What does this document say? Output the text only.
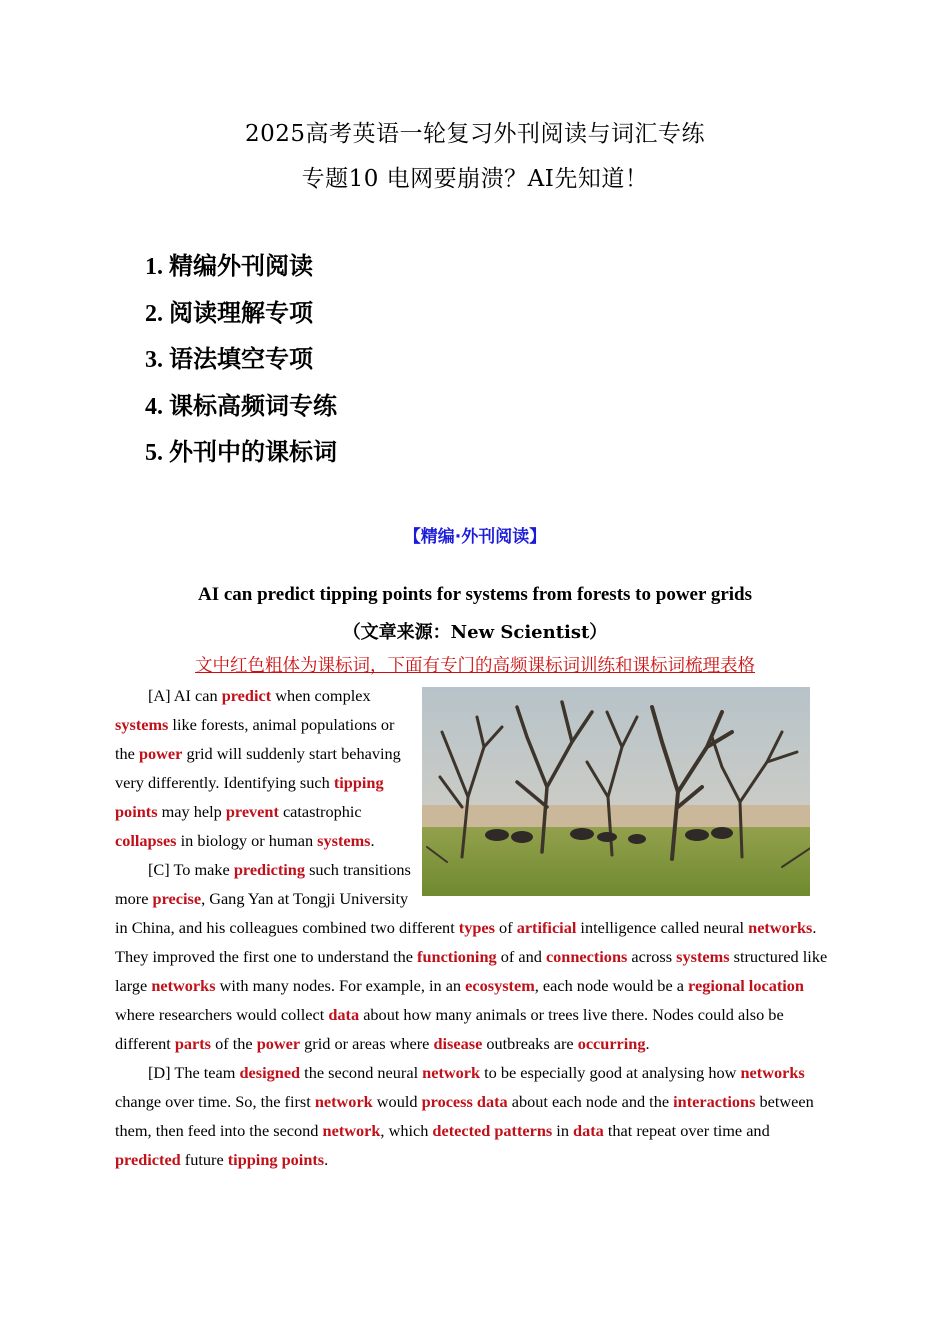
2025高考英语一轮复习外刊阅读与词汇专练
专题10 电网要崩溃？AI先知道！
1. 精编外刊阅读
2. 阅读理解专项
3. 语法填空专项
4. 课标高频词专练
5. 外刊中的课标词
【精编·外刊阅读】
AI can predict tipping points for systems from forests to power grids
（文章来源：New Scientist）
文中红色粗体为课标词，下面有专门的高频课标词训练和课标词梳理表格

[A] AI can predict when complex systems like forests, animal populations or the power grid will suddenly start behaving very differently. Identifying such tipping points may help prevent catastrophic collapses in biology or human systems.

[C] To make predicting such transitions more precise, Gang Yan at Tongji University in China, and his colleagues combined two different types of artificial intelligence called neural networks. They improved the first one to understand the functioning of and connections across systems structured like large networks with many nodes. For example, in an ecosystem, each node would be a regional location where researchers would collect data about how many animals or trees live there. Nodes could also be different parts of the power grid or areas where disease outbreaks are occurring.

[D] The team designed the second neural network to be especially good at analysing how networks change over time. So, the first network would process data about each node and the interactions between them, then feed into the second network, which detected patterns in data that repeat over time and predicted future tipping points.
